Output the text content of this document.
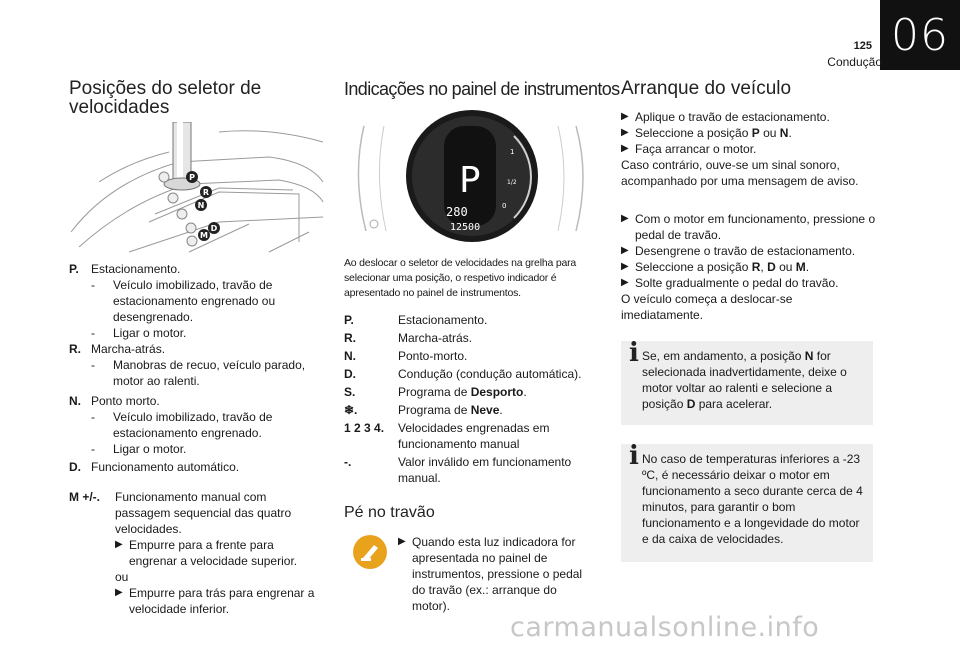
06
125
Condução
Posições do seletor de
velocidades
P
R
N
D
M
P.	Estacionamento.
-	Veículo imobilizado, travão de estacionamento engrenado ou desengrenado.
-	Ligar o motor.
R. Marcha-atrás.
-	Manobras de recuo, veículo parado, motor ao ralenti.
N. Ponto morto.
-	Veículo imobilizado, travão de estacionamento engrenado.
-	Ligar o motor.
D. Funcionamento automático.
M +/-.	Funcionamento manual com passagem sequencial das quatro velocidades.
▶ Empurre para a frente para engrenar a velocidade superior.
ou
▶ Empurre para trás para engrenar a velocidade inferior.
Indicações no painel de instrumentos
1
1/2
0
P
280
12500
Ao deslocar o seletor de velocidades na grelha para selecionar uma posição, o respetivo indicador é apresentado no painel de instrumentos.
P.	Estacionamento.
R.	Marcha-atrás.
N.	Ponto-morto.
D.	Condução (condução automática).
S.	Programa de Desporto.
❄.	Programa de Neve.
1 2 3 4.	Velocidades engrenadas em funcionamento manual
-.	Valor inválido em funcionamento manual.
Pé no travão
▶ Quando esta luz indicadora for apresentada no painel de instrumentos, pressione o pedal do travão (ex.: arranque do motor).
Arranque do veículo
▶ Aplique o travão de estacionamento.
▶ Seleccione a posição P ou N.
▶ Faça arrancar o motor.
Caso contrário, ouve-se um sinal sonoro, acompanhado por uma mensagem de aviso.
▶ Com o motor em funcionamento, pressione o pedal de travão.
▶ Desengrene o travão de estacionamento.
▶ Seleccione a posição R, D ou M.
▶ Solte gradualmente o pedal do travão.
O veículo começa a deslocar-se imediatamente.
i Se, em andamento, a posição N for selecionada inadvertidamente, deixe o motor voltar ao ralenti e selecione a posição D para acelerar.
i No caso de temperaturas inferiores a -23 ºC, é necessário deixar o motor em funcionamento a seco durante cerca de 4 minutos, para garantir o bom funcionamento e a longevidade do motor e da caixa de velocidades.
carmanualsonline.info
